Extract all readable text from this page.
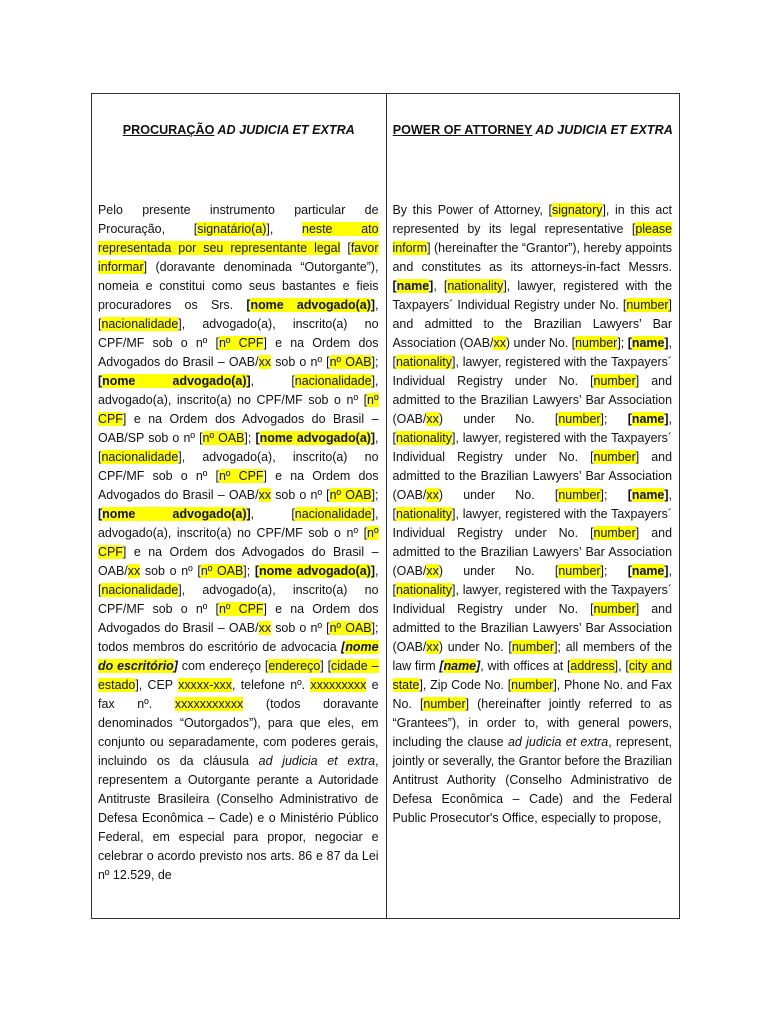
PROCURAÇÃO AD JUDICIA ET EXTRA
Pelo presente instrumento particular de Procuração, [signatário(a)], neste ato representada por seu representante legal [favor informar] (doravante denominada “Outorgante”), nomeia e constitui como seus bastantes e fieis procuradores os Srs. [nome advogado(a)], [nacionalidade], advogado(a), inscrito(a) no CPF/MF sob o nº [nº CPF] e na Ordem dos Advogados do Brasil – OAB/xx sob o nº [nº OAB]; [nome advogado(a)], [nacionalidade], advogado(a), inscrito(a) no CPF/MF sob o nº [nº CPF] e na Ordem dos Advogados do Brasil – OAB/SP sob o nº [nº OAB]; [nome advogado(a)], [nacionalidade], advogado(a), inscrito(a) no CPF/MF sob o nº [nº CPF] e na Ordem dos Advogados do Brasil – OAB/xx sob o nº [nº OAB]; [nome advogado(a)], [nacionalidade], advogado(a), inscrito(a) no CPF/MF sob o nº [nº CPF] e na Ordem dos Advogados do Brasil – OAB/xx sob o nº [nº OAB]; [nome advogado(a)], [nacionalidade], advogado(a), inscrito(a) no CPF/MF sob o nº [nº CPF] e na Ordem dos Advogados do Brasil – OAB/xx sob o nº [nº OAB]; todos membros do escritório de advocacia [nome do escritório] com endereço [endereço] [cidade – estado], CEP xxxxx-xxx, telefone nº. xxxxxxxxx e fax nº. xxxxxxxxxxx (todos doravante denominados “Outorgados”), para que eles, em conjunto ou separadamente, com poderes gerais, incluindo os da cláusula ad judicia et extra, representem a Outorgante perante a Autoridade Antitruste Brasileira (Conselho Administrativo de Defesa Econômica – Cade) e o Ministério Público Federal, em especial para propor, negociar e celebrar o acordo previsto nos arts. 86 e 87 da Lei nº 12.529, de
POWER OF ATTORNEY AD JUDICIA ET EXTRA
By this Power of Attorney, [signatory], in this act represented by its legal representative [please inform] (hereinafter the “Grantor”), hereby appoints and constitutes as its attorneys-in-fact Messrs. [name], [nationality], lawyer, registered with the Taxpayers´ Individual Registry under No. [number] and admitted to the Brazilian Lawyers’ Bar Association (OAB/xx) under No. [number]; [name], [nationality], lawyer, registered with the Taxpayers´ Individual Registry under No. [number] and admitted to the Brazilian Lawyers’ Bar Association (OAB/xx) under No. [number]; [name], [nationality], lawyer, registered with the Taxpayers´ Individual Registry under No. [number] and admitted to the Brazilian Lawyers’ Bar Association (OAB/xx) under No. [number]; [name], [nationality], lawyer, registered with the Taxpayers´ Individual Registry under No. [number] and admitted to the Brazilian Lawyers’ Bar Association (OAB/xx) under No. [number]; [name], [nationality], lawyer, registered with the Taxpayers´ Individual Registry under No. [number] and admitted to the Brazilian Lawyers’ Bar Association (OAB/xx) under No. [number]; all members of the law firm [name], with offices at [address], [city and state], Zip Code No. [number], Phone No. and Fax No. [number] (hereinafter jointly referred to as “Grantees”), in order to, with general powers, including the clause ad judicia et extra, represent, jointly or severally, the Grantor before the Brazilian Antitrust Authority (Conselho Administrativo de Defesa Econômica – Cade) and the Federal Public Prosecutor's Office, especially to propose,
